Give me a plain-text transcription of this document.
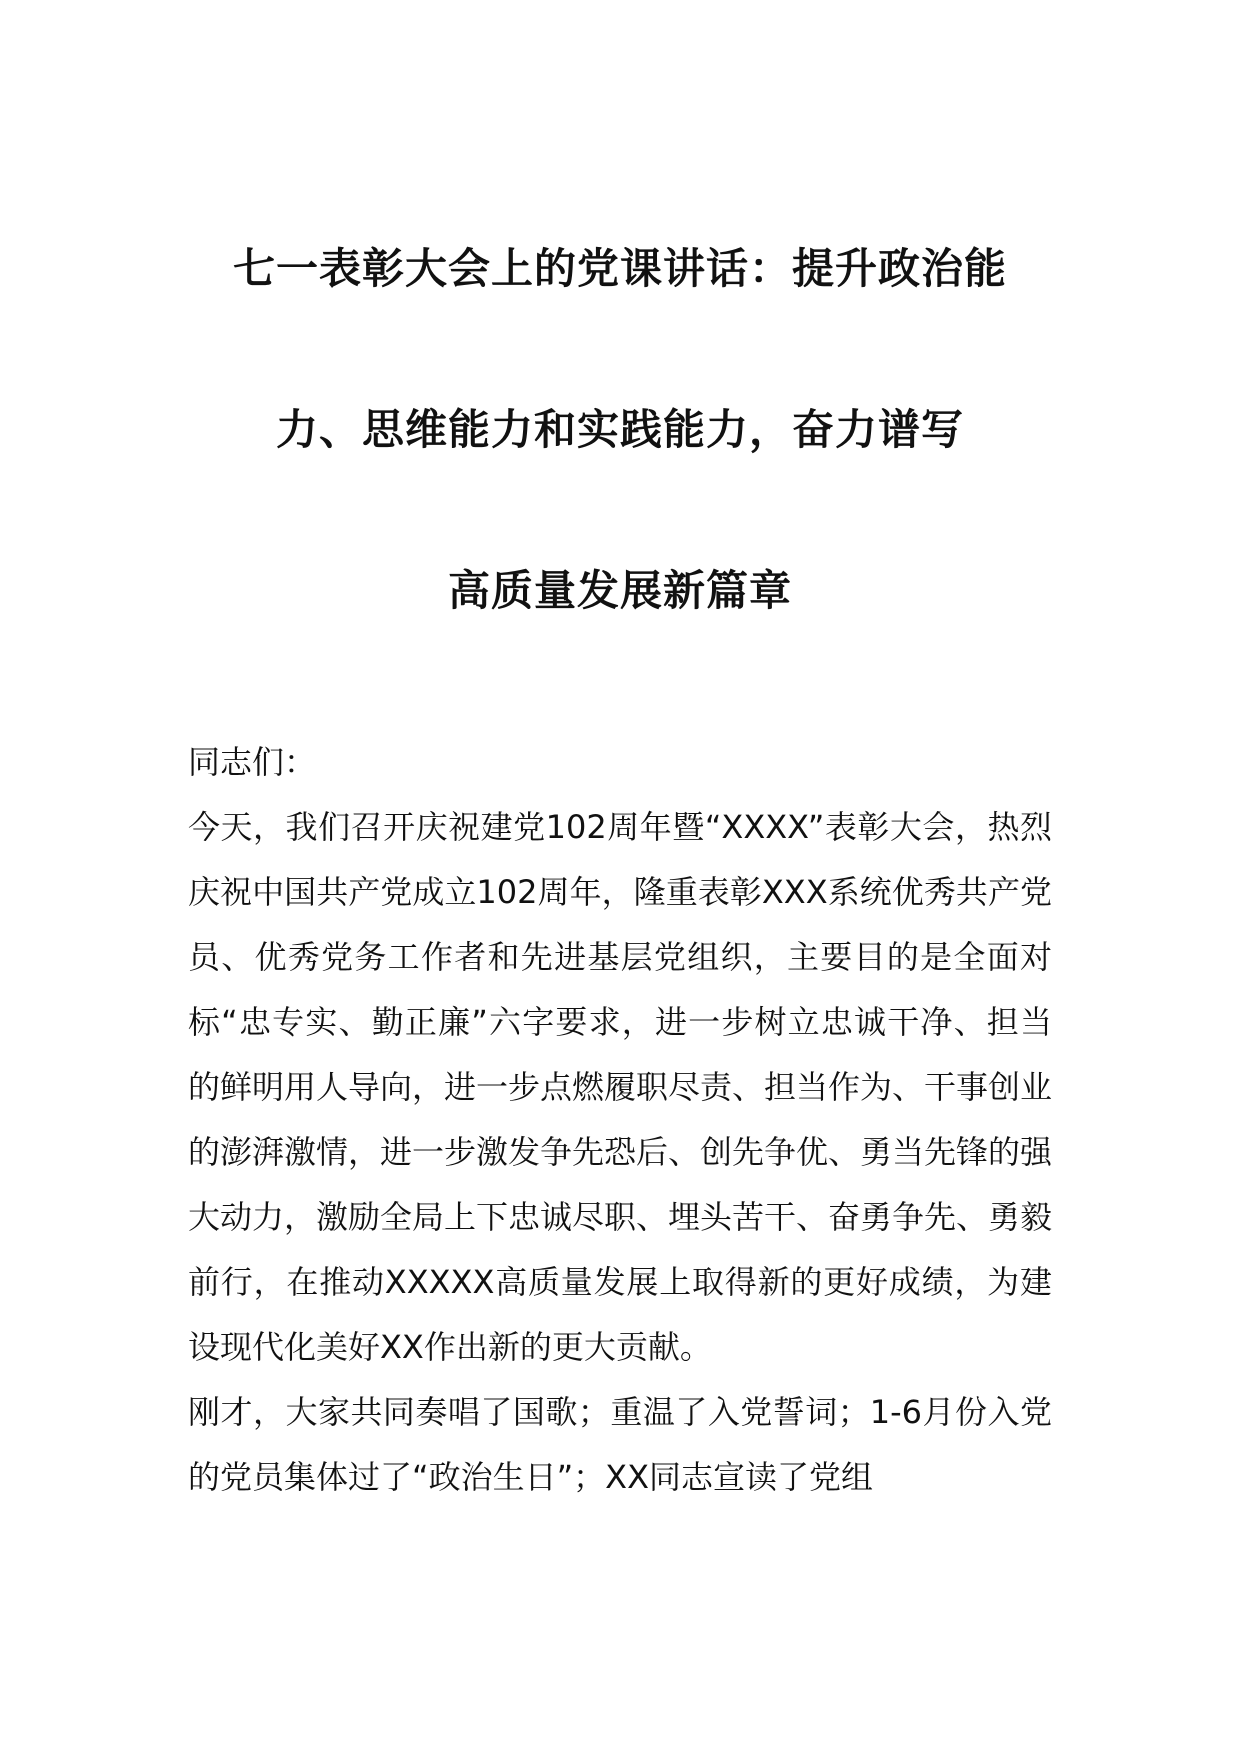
七一表彰大会上的党课讲话：提升政治能
力、思维能力和实践能力，奋力谱写
高质量发展新篇章

同志们：

今天，我们召开庆祝建党102周年暨“XXXX”表彰大会，热烈庆祝中国共产党成立102周年，隆重表彰XXX系统优秀共产党员、优秀党务工作者和先进基层党组织，主要目的是全面对标“忠专实、勤正廉”六字要求，进一步树立忠诚干净、担当的鲜明用人导向，进一步点燃履职尽责、担当作为、干事创业的澎湃激情，进一步激发争先恐后、创先争优、勇当先锋的强大动力，激励全局上下忠诚尽职、埋头苦干、奋勇争先、勇毅前行，在推动XXXXX高质量发展上取得新的更好成绩，为建设现代化美好XX作出新的更大贡献。

刚才，大家共同奏唱了国歌；重温了入党誓词；1-6月份入党的党员集体过了“政治生日”；XX同志宣读了党组
